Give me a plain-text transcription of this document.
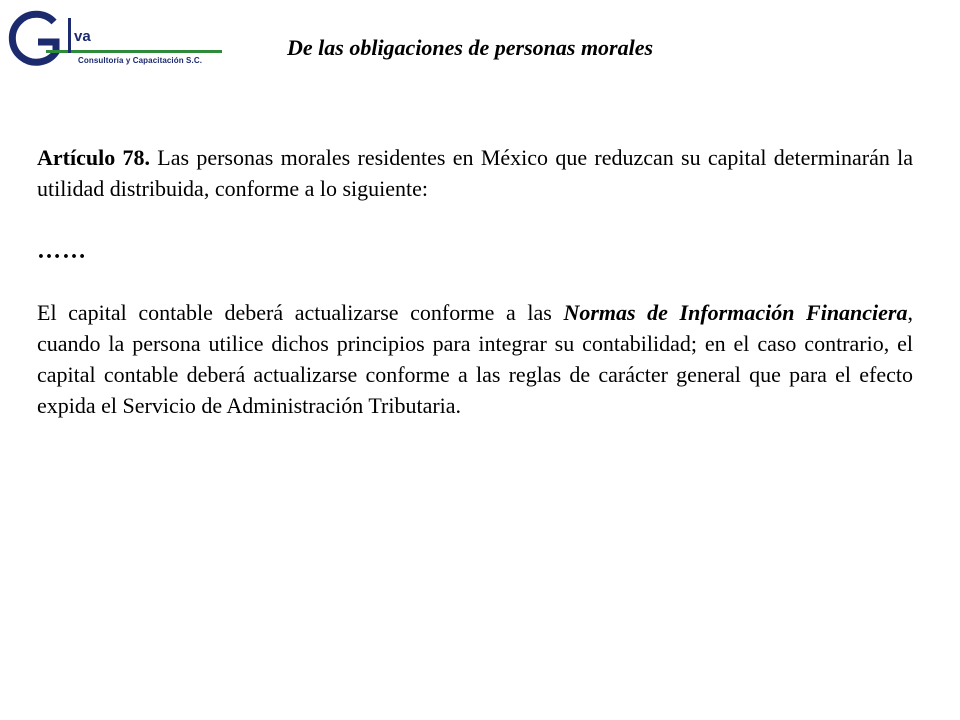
va
Consultoría y Capacitación S.C.
De las obligaciones de personas morales
Artículo 78. Las personas morales residentes en México que reduzcan su capital determinarán la utilidad distribuida, conforme a lo siguiente:
……
El capital contable deberá actualizarse conforme a las Normas de Información Financiera, cuando la persona utilice dichos principios para integrar su contabilidad; en el caso contrario, el capital contable deberá actualizarse conforme a las reglas de carácter general que para el efecto expida el Servicio de Administración Tributaria.
